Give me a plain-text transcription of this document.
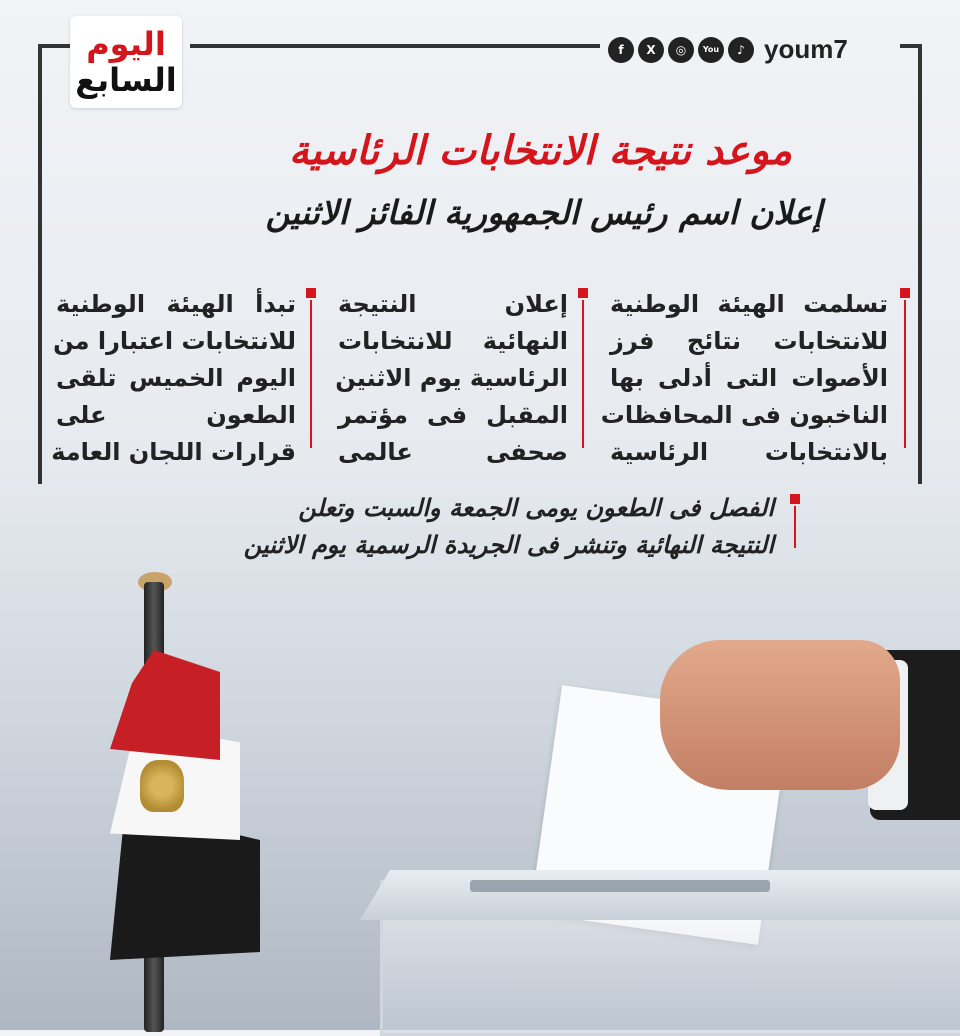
اليوم
السابع
f	X	◎	You	♪ youm7
موعد نتيجة الانتخابات الرئاسية
إعلان اسم رئيس الجمهورية الفائز الاثنين
تسلمت الهيئة الوطنية
للانتخابات نتائج فرز
الأصوات التى أدلى بها
الناخبون فى المحافظات
بالانتخابات الرئاسية
إعلان النتيجة
النهائية للانتخابات
الرئاسية يوم الاثنين
المقبل فى مؤتمر
صحفى عالمى
تبدأ الهيئة الوطنية
للانتخابات اعتبارا من
اليوم الخميس تلقى
الطعون على
قرارات اللجان العامة
الفصل فى الطعون يومى الجمعة والسبت وتعلن
النتيجة النهائية وتنشر فى الجريدة الرسمية يوم الاثنين
